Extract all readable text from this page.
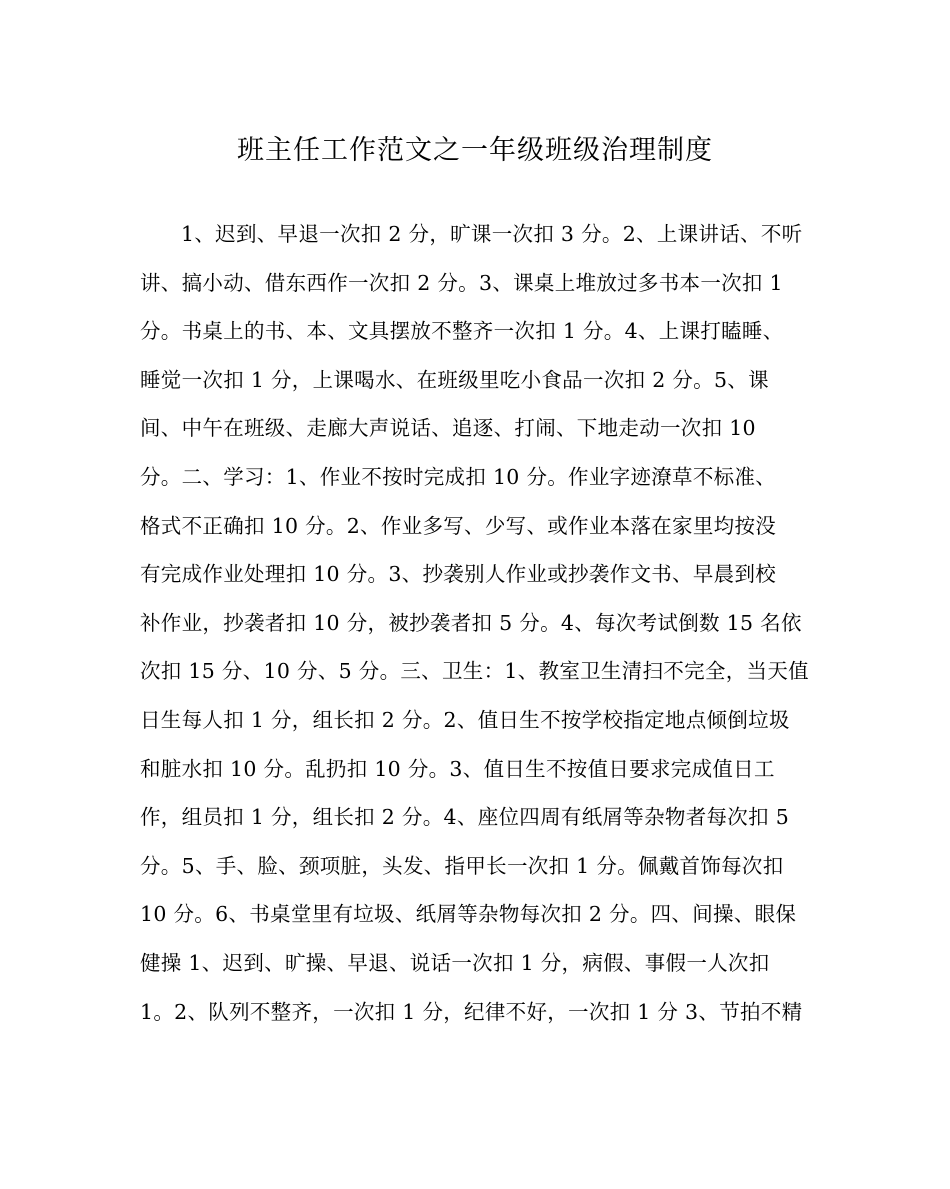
班主任工作范文之一年级班级治理制度
1、迟到、早退一次扣 2 分，旷课一次扣 3 分。2、上课讲话、不听
讲、搞小动、借东西作一次扣 2 分。3、课桌上堆放过多书本一次扣 1
分。书桌上的书、本、文具摆放不整齐一次扣 1 分。4、上课打瞌睡、
睡觉一次扣 1 分，上课喝水、在班级里吃小食品一次扣 2 分。5、课
间、中午在班级、走廊大声说话、追逐、打闹、下地走动一次扣 10
分。二、学习：1、作业不按时完成扣 10 分。作业字迹潦草不标准、
格式不正确扣 10 分。2、作业多写、少写、或作业本落在家里均按没
有完成作业处理扣 10 分。3、抄袭别人作业或抄袭作文书、早晨到校
补作业，抄袭者扣 10 分，被抄袭者扣 5 分。4、每次考试倒数 15 名依
次扣 15 分、10 分、5 分。三、卫生：1、教室卫生清扫不完全，当天值
日生每人扣 1 分，组长扣 2 分。2、值日生不按学校指定地点倾倒垃圾
和脏水扣 10 分。乱扔扣 10 分。3、值日生不按值日要求完成值日工
作，组员扣 1 分，组长扣 2 分。4、座位四周有纸屑等杂物者每次扣 5
分。5、手、脸、颈项脏，头发、指甲长一次扣 1 分。佩戴首饰每次扣
10 分。6、书桌堂里有垃圾、纸屑等杂物每次扣 2 分。四、间操、眼保
健操 1、迟到、旷操、早退、说话一次扣 1 分，病假、事假一人次扣
1。2、队列不整齐，一次扣 1 分，纪律不好，一次扣 1 分 3、节拍不精
